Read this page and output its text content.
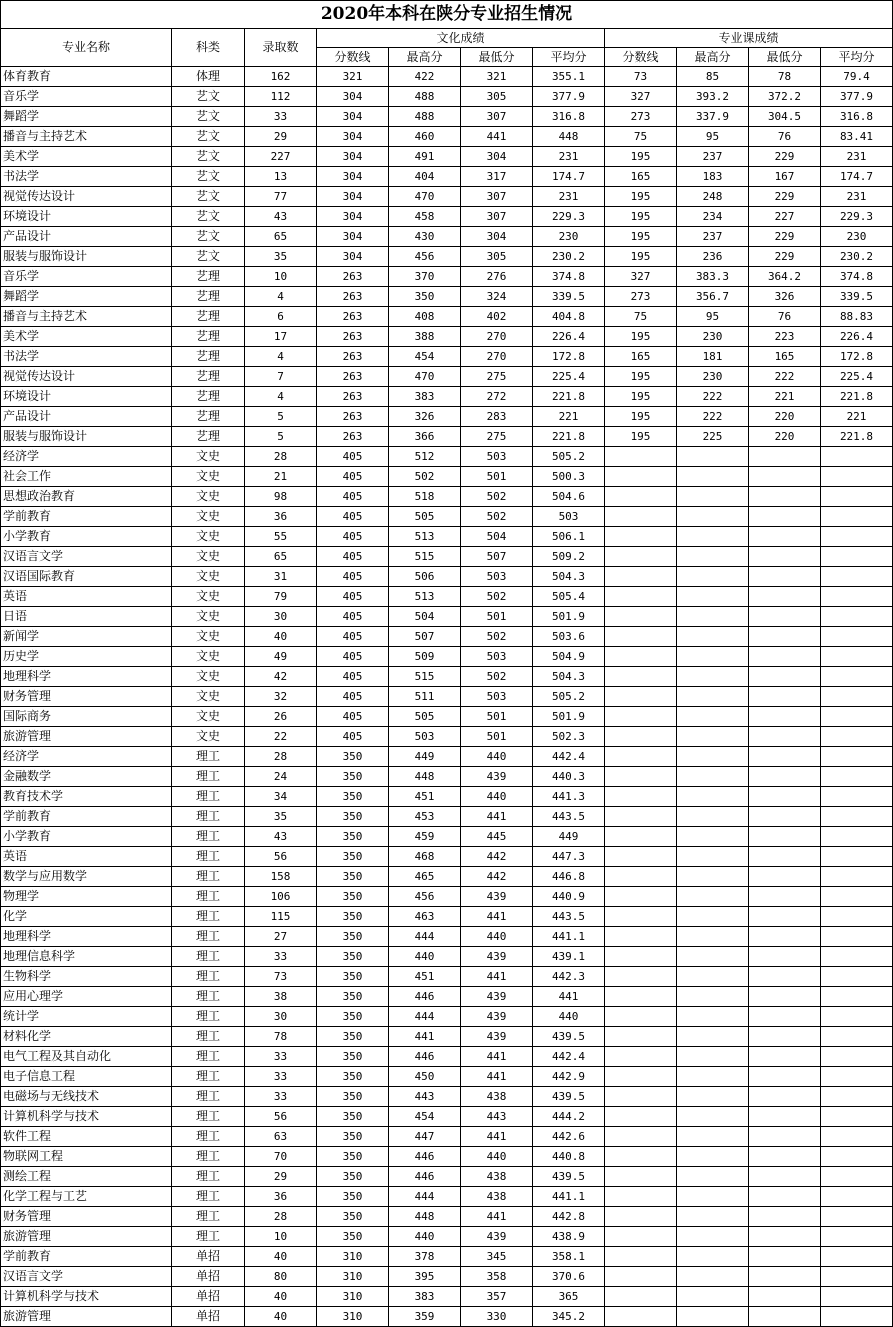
2020年本科在陕分专业招生情况										
专业名称	科类	录取数	文化成绩				专业课成绩			
			分数线	最高分	最低分	平均分	分数线	最高分	最低分	平均分
体育教育	体理	162	321	422	321	355.1	73	85	78	79.4
音乐学	艺文	112	304	488	305	377.9	327	393.2	372.2	377.9
舞蹈学	艺文	33	304	488	307	316.8	273	337.9	304.5	316.8
播音与主持艺术	艺文	29	304	460	441	448	75	95	76	83.41
美术学	艺文	227	304	491	304	231	195	237	229	231
书法学	艺文	13	304	404	317	174.7	165	183	167	174.7
视觉传达设计	艺文	77	304	470	307	231	195	248	229	231
环境设计	艺文	43	304	458	307	229.3	195	234	227	229.3
产品设计	艺文	65	304	430	304	230	195	237	229	230
服装与服饰设计	艺文	35	304	456	305	230.2	195	236	229	230.2
音乐学	艺理	10	263	370	276	374.8	327	383.3	364.2	374.8
舞蹈学	艺理	4	263	350	324	339.5	273	356.7	326	339.5
播音与主持艺术	艺理	6	263	408	402	404.8	75	95	76	88.83
美术学	艺理	17	263	388	270	226.4	195	230	223	226.4
书法学	艺理	4	263	454	270	172.8	165	181	165	172.8
视觉传达设计	艺理	7	263	470	275	225.4	195	230	222	225.4
环境设计	艺理	4	263	383	272	221.8	195	222	221	221.8
产品设计	艺理	5	263	326	283	221	195	222	220	221
服装与服饰设计	艺理	5	263	366	275	221.8	195	225	220	221.8
经济学	文史	28	405	512	503	505.2				
社会工作	文史	21	405	502	501	500.3				
思想政治教育	文史	98	405	518	502	504.6				
学前教育	文史	36	405	505	502	503				
小学教育	文史	55	405	513	504	506.1				
汉语言文学	文史	65	405	515	507	509.2				
汉语国际教育	文史	31	405	506	503	504.3				
英语	文史	79	405	513	502	505.4				
日语	文史	30	405	504	501	501.9				
新闻学	文史	40	405	507	502	503.6				
历史学	文史	49	405	509	503	504.9				
地理科学	文史	42	405	515	502	504.3				
财务管理	文史	32	405	511	503	505.2				
国际商务	文史	26	405	505	501	501.9				
旅游管理	文史	22	405	503	501	502.3				
经济学	理工	28	350	449	440	442.4				
金融数学	理工	24	350	448	439	440.3				
教育技术学	理工	34	350	451	440	441.3				
学前教育	理工	35	350	453	441	443.5				
小学教育	理工	43	350	459	445	449				
英语	理工	56	350	468	442	447.3				
数学与应用数学	理工	158	350	465	442	446.8				
物理学	理工	106	350	456	439	440.9				
化学	理工	115	350	463	441	443.5				
地理科学	理工	27	350	444	440	441.1				
地理信息科学	理工	33	350	440	439	439.1				
生物科学	理工	73	350	451	441	442.3				
应用心理学	理工	38	350	446	439	441				
统计学	理工	30	350	444	439	440				
材料化学	理工	78	350	441	439	439.5				
电气工程及其自动化	理工	33	350	446	441	442.4				
电子信息工程	理工	33	350	450	441	442.9				
电磁场与无线技术	理工	33	350	443	438	439.5				
计算机科学与技术	理工	56	350	454	443	444.2				
软件工程	理工	63	350	447	441	442.6				
物联网工程	理工	70	350	446	440	440.8				
测绘工程	理工	29	350	446	438	439.5				
化学工程与工艺	理工	36	350	444	438	441.1				
财务管理	理工	28	350	448	441	442.8				
旅游管理	理工	10	350	440	439	438.9				
学前教育	单招	40	310	378	345	358.1				
汉语言文学	单招	80	310	395	358	370.6				
计算机科学与技术	单招	40	310	383	357	365				
旅游管理	单招	40	310	359	330	345.2				
